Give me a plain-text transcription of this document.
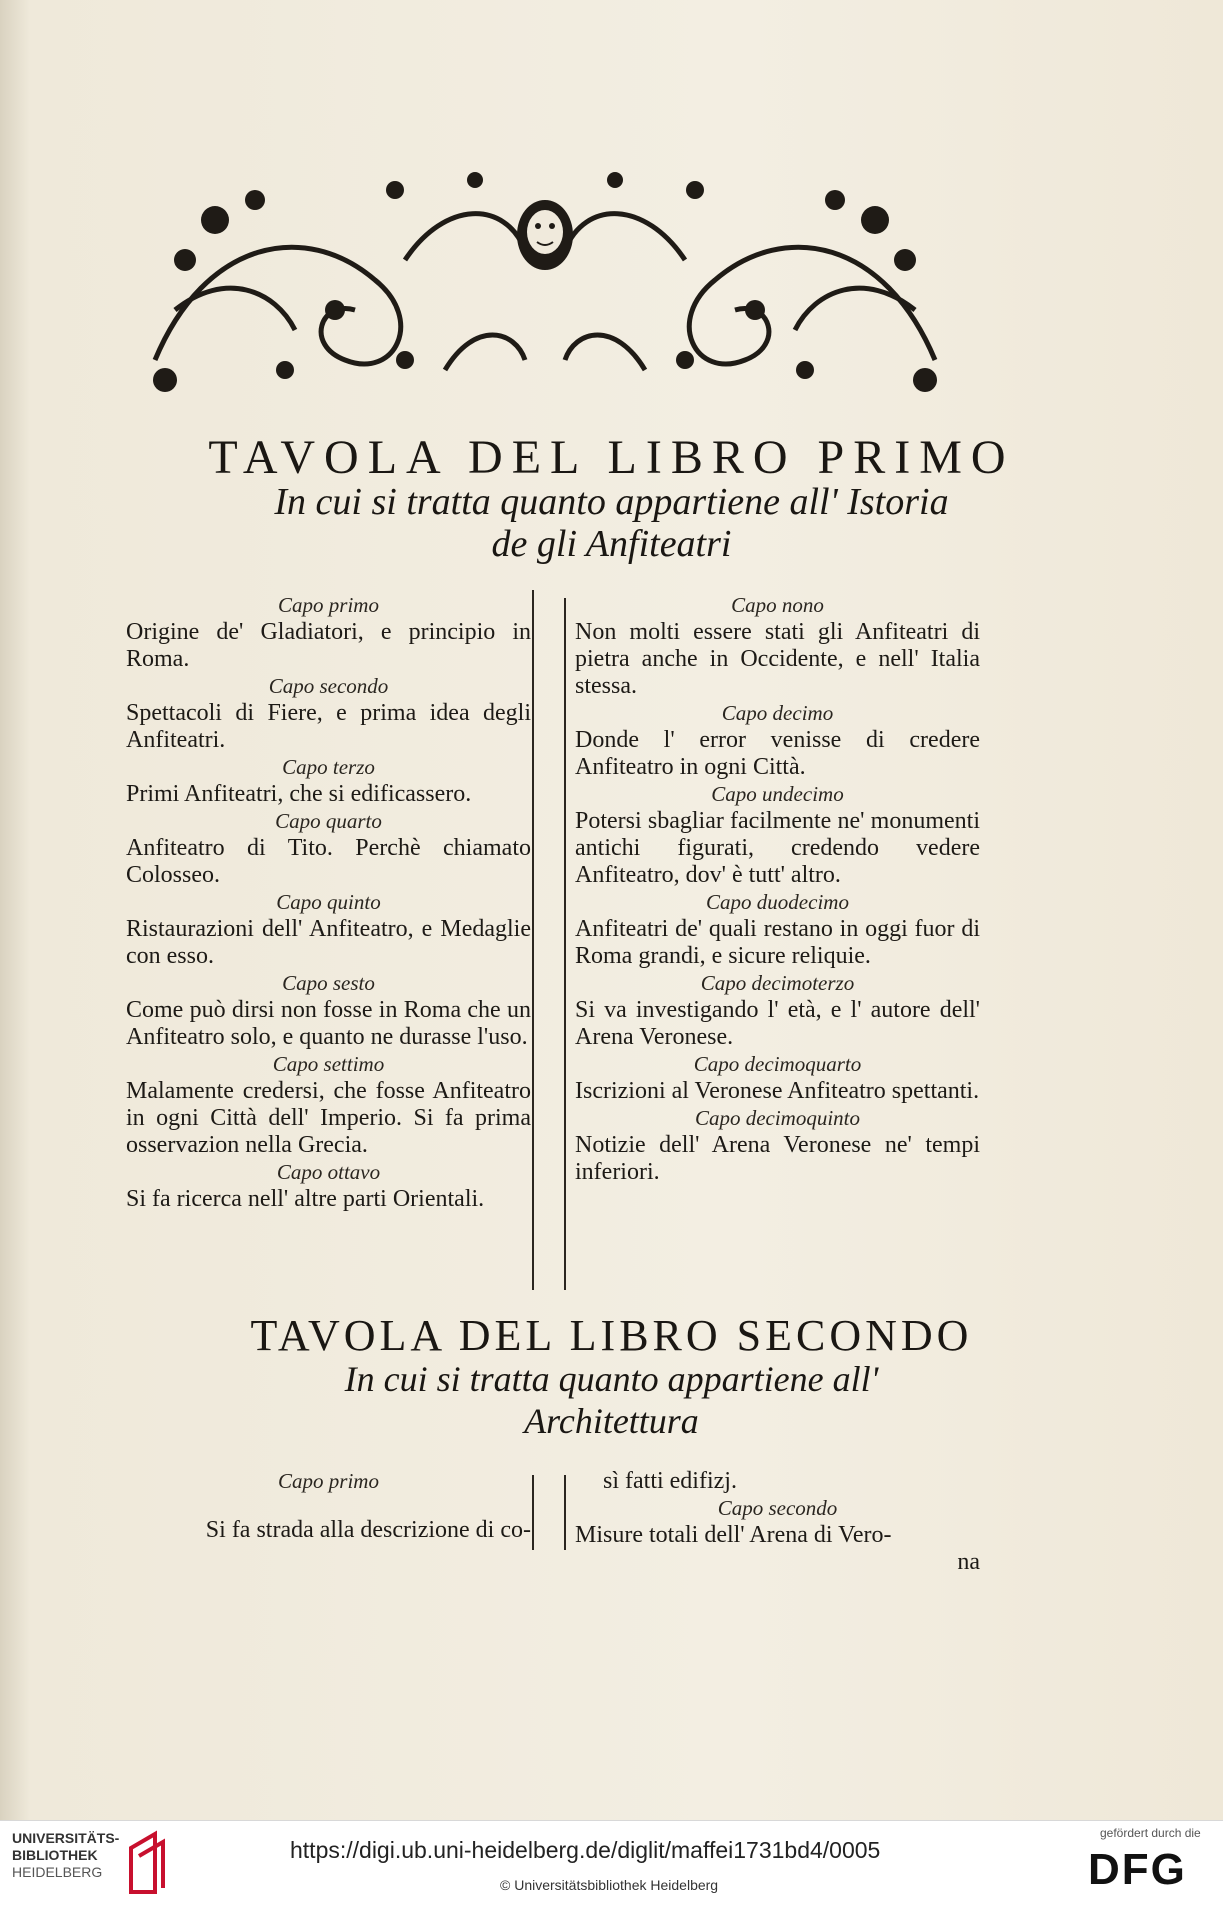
TAVOLA DEL LIBRO PRIMO
In cui si tratta quanto appartiene all' Istoria
de gli Anfiteatri
Capo primo
Origine de' Gladiatori, e principio in Roma.
Capo secondo
Spettacoli di Fiere, e prima idea degli Anfiteatri.
Capo terzo
Primi Anfiteatri, che si edificassero.
Capo quarto
Anfiteatro di Tito. Perchè chiamato Colosseo.
Capo quinto
Ristaurazioni dell' Anfiteatro, e Medaglie con esso.
Capo sesto
Come può dirsi non fosse in Roma che un Anfiteatro solo, e quanto ne durasse l'uso.
Capo settimo
Malamente credersi, che fosse Anfiteatro in ogni Città dell' Imperio. Si fa prima osservazion nella Grecia.
Capo ottavo
Si fa ricerca nell' altre parti Orientali.
Capo nono
Non molti essere stati gli Anfiteatri di pietra anche in Occidente, e nell' Italia stessa.
Capo decimo
Donde l' error venisse di credere Anfiteatro in ogni Città.
Capo undecimo
Potersi sbagliar facilmente ne' monumenti antichi figurati, credendo vedere Anfiteatro, dov' è tutt' altro.
Capo duodecimo
Anfiteatri de' quali restano in oggi fuor di Roma grandi, e sicure reliquie.
Capo decimoterzo
Si va investigando l' età, e l' autore dell' Arena Veronese.
Capo decimoquarto
Iscrizioni al Veronese Anfiteatro spettanti.
Capo decimoquinto
Notizie dell' Arena Veronese ne' tempi inferiori.
TAVOLA DEL LIBRO SECONDO
In cui si tratta quanto appartiene all'
Architettura
Capo primo
Si fa strada alla descrizione di co-
sì fatti edifizj.
Capo secondo
Misure totali dell' Arena di Vero-
na
UNIVERSITÄTS-
BIBLIOTHEK
HEIDELBERG
https://digi.ub.uni-heidelberg.de/diglit/maffei1731bd4/0005
© Universitätsbibliothek Heidelberg
gefördert durch die
DFG
